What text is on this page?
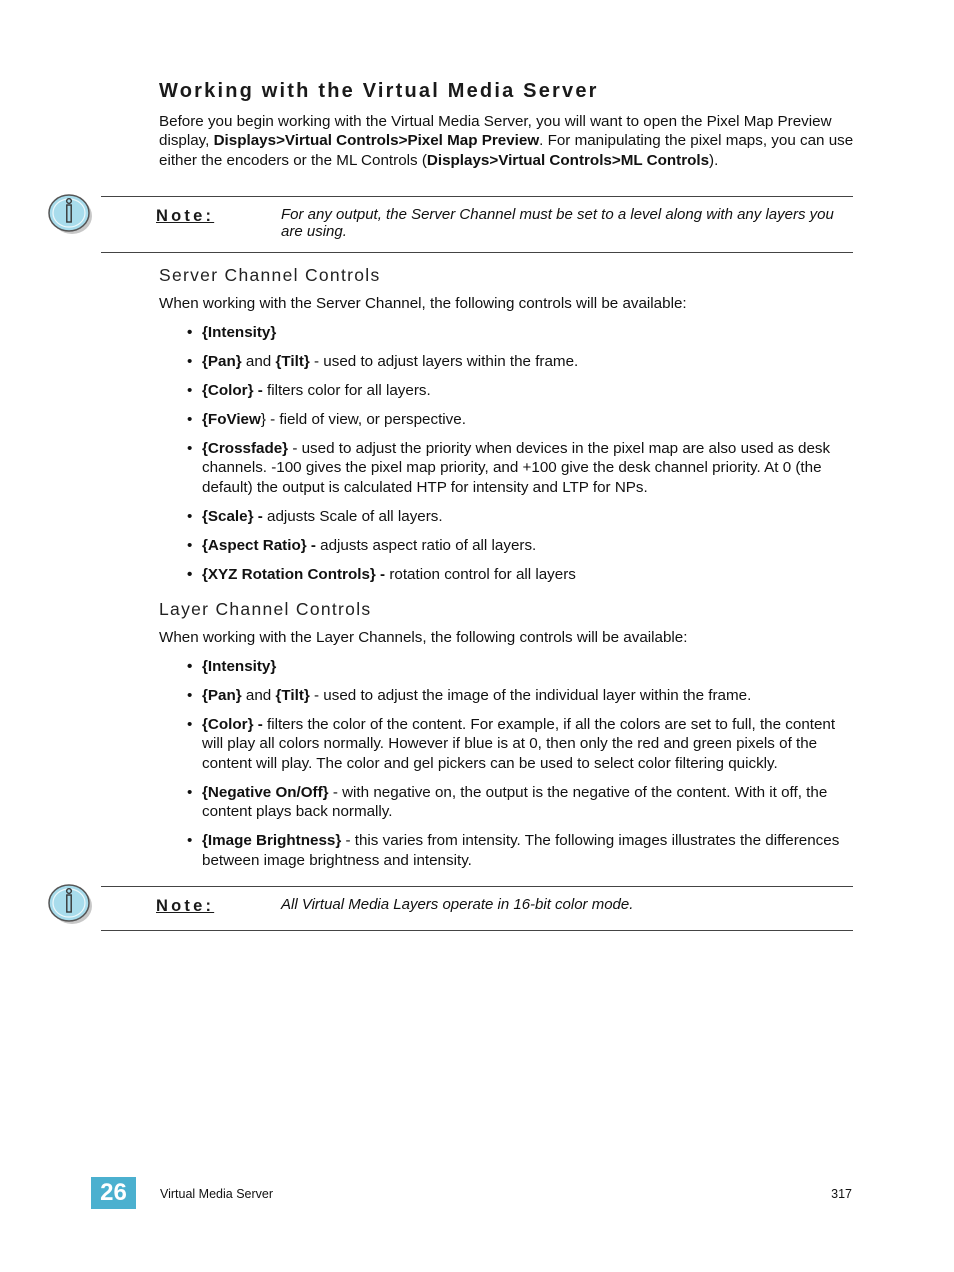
Working with the Virtual Media Server

Before you begin working with the Virtual Media Server, you will want to open the Pixel Map Preview display, Displays>Virtual Controls>Pixel Map Preview. For manipulating the pixel maps, you can use either the encoders or the ML Controls (Displays>Virtual Controls>ML Controls).

Note:	For any output, the Server Channel must be set to a level along with any layers you are using.
Server Channel Controls

When working with the Server Channel, the following controls will be available:

• {Intensity}
• {Pan} and {Tilt} - used to adjust layers within the frame.
• {Color} - filters color for all layers.
• {FoView} - field of view, or perspective.
• {Crossfade} - used to adjust the priority when devices in the pixel map are also used as desk channels. -100 gives the pixel map priority, and +100 give the desk channel priority. At 0 (the default) the output is calculated HTP for intensity and LTP for NPs.
• {Scale} - adjusts Scale of all layers.
• {Aspect Ratio} - adjusts aspect ratio of all layers.
• {XYZ Rotation Controls} - rotation control for all layers
Layer Channel Controls

When working with the Layer Channels, the following controls will be available:

• {Intensity}
• {Pan} and {Tilt} - used to adjust the image of the individual layer within the frame.
• {Color} - filters the color of the content. For example, if all the colors are set to full, the content will play all colors normally. However if blue is at 0, then only the red and green pixels of the content will play. The color and gel pickers can be used to select color filtering quickly.
• {Negative On/Off} - with negative on, the output is the negative of the content. With it off, the content plays back normally.
• {Image Brightness} - this varies from intensity. The following images illustrates the differences between image brightness and intensity.
Note:	All Virtual Media Layers operate in 16-bit color mode.
26	Virtual Media Server	317
